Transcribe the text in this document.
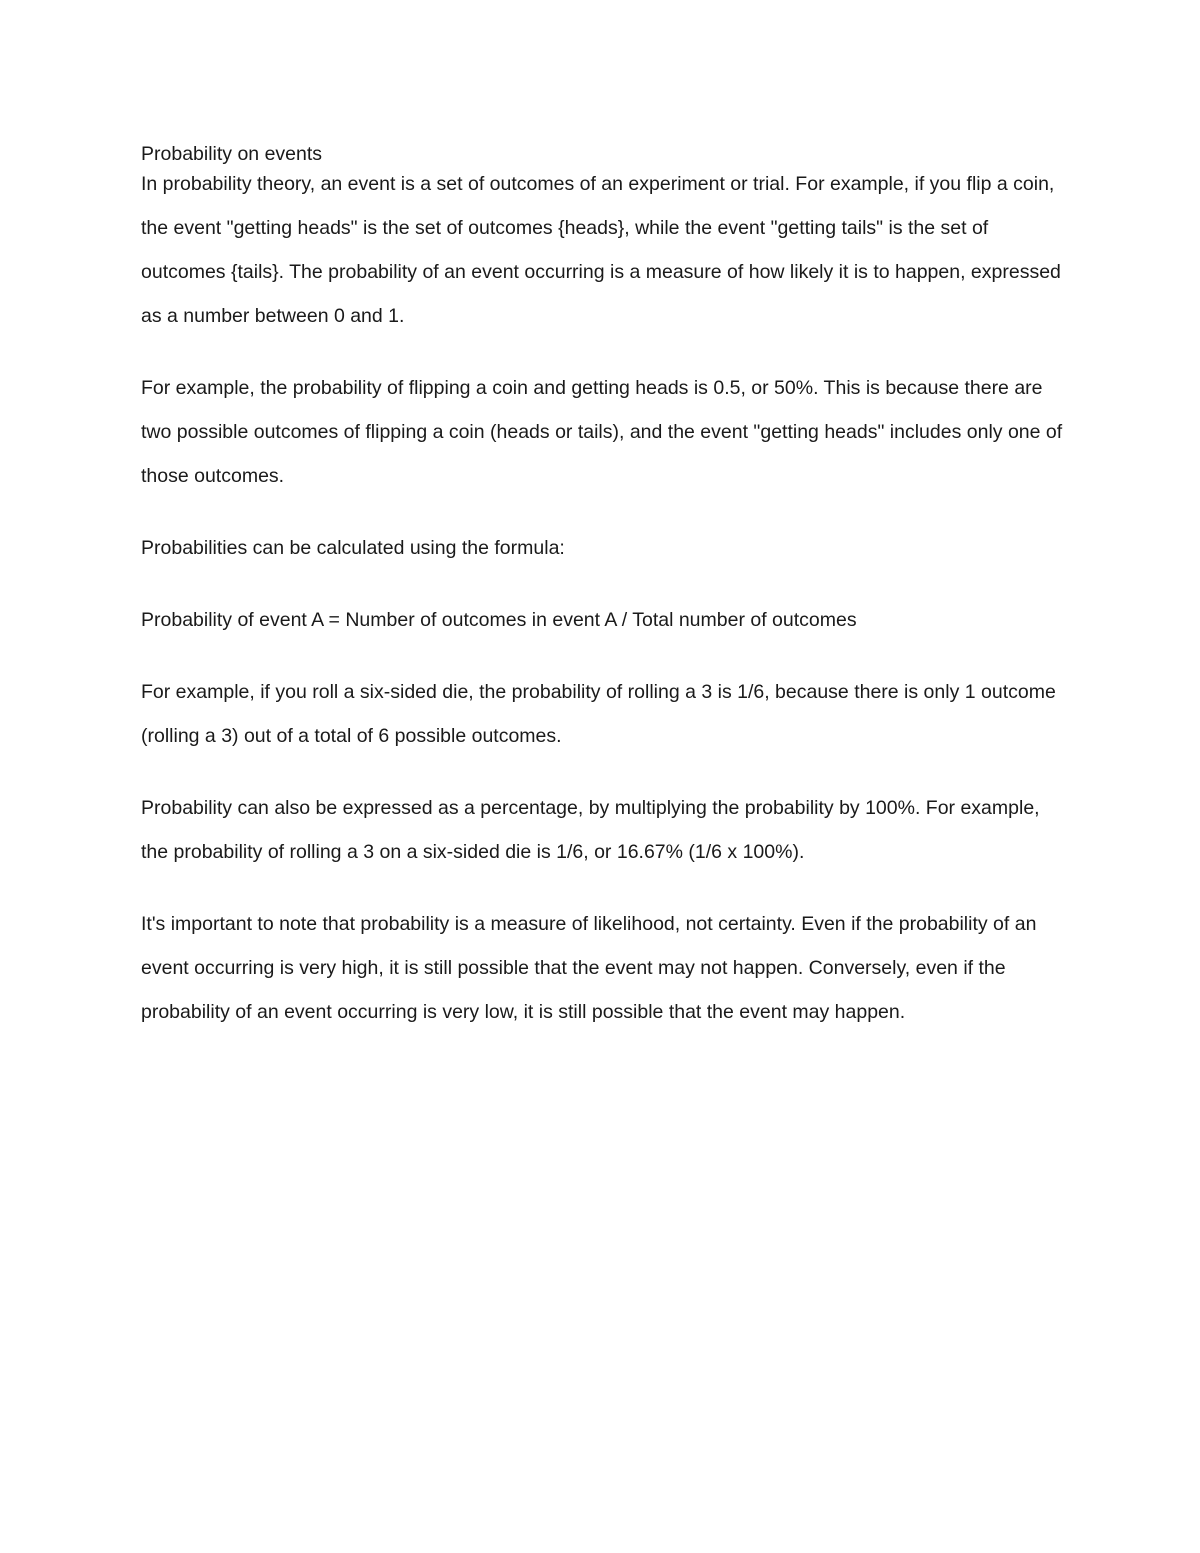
Probability on events

In probability theory, an event is a set of outcomes of an experiment or trial. For example, if you flip a coin, the event "getting heads" is the set of outcomes {heads}, while the event "getting tails" is the set of outcomes {tails}. The probability of an event occurring is a measure of how likely it is to happen, expressed as a number between 0 and 1.

For example, the probability of flipping a coin and getting heads is 0.5, or 50%. This is because there are two possible outcomes of flipping a coin (heads or tails), and the event "getting heads" includes only one of those outcomes.

Probabilities can be calculated using the formula:

Probability of event A = Number of outcomes in event A / Total number of outcomes

For example, if you roll a six-sided die, the probability of rolling a 3 is 1/6, because there is only 1 outcome (rolling a 3) out of a total of 6 possible outcomes.

Probability can also be expressed as a percentage, by multiplying the probability by 100%. For example, the probability of rolling a 3 on a six-sided die is 1/6, or 16.67% (1/6 x 100%).

It's important to note that probability is a measure of likelihood, not certainty. Even if the probability of an event occurring is very high, it is still possible that the event may not happen. Conversely, even if the probability of an event occurring is very low, it is still possible that the event may happen.
